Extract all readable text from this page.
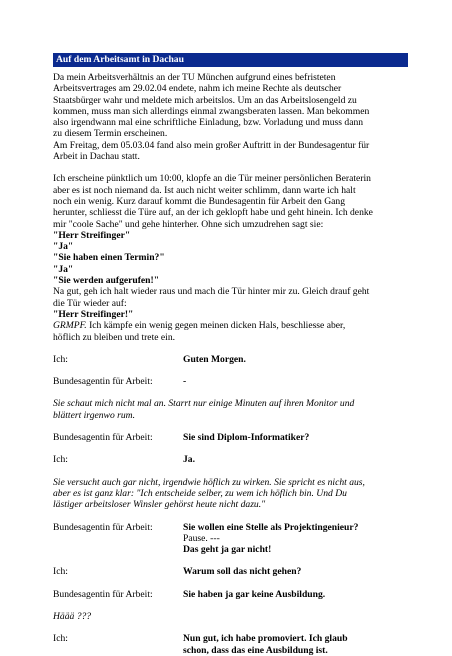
Auf dem Arbeitsamt in Dachau

Da mein Arbeitsverhältnis an der TU München aufgrund eines befristeten

Arbeitsvertrages am 29.02.04 endete, nahm ich meine Rechte als deutscher

Staatsbürger wahr und meldete mich arbeitslos. Um an das Arbeitslosengeld zu

kommen, muss man sich allerdings einmal zwangsberaten lassen. Man bekommen

also irgendwann mal eine schriftliche Einladung, bzw. Vorladung und muss dann

zu diesem Termin erscheinen.

Am Freitag, dem 05.03.04 fand also mein großer Auftritt in der Bundesagentur für

Arbeit in Dachau statt.

Ich erscheine pünktlich um 10:00, klopfe an die Tür meiner persönlichen Beraterin

aber es ist noch niemand da. Ist auch nicht weiter schlimm, dann warte ich halt

noch ein wenig. Kurz darauf kommt die Bundesagentin für Arbeit den Gang

herunter, schliesst die Türe auf, an der ich geklopft habe und geht hinein. Ich denke

mir "coole Sache" und gehe hinterher. Ohne sich umzudrehen sagt sie:

"Herr Streifinger"

"Ja"

"Sie haben einen Termin?"

"Ja"

"Sie werden aufgerufen!"

Na gut, geh ich halt wieder raus und mach die Tür hinter mir zu. Gleich drauf geht

die Tür wieder auf:

"Herr Streifinger!"

GRMPF. Ich kämpfe ein wenig gegen meinen dicken Hals, beschliesse aber,

höflich zu bleiben und trete ein.

Ich:	Guten Morgen.
Bundesagentin für Arbeit:	-

Sie schaut mich nicht mal an. Starrt nur einige Minuten auf ihren Monitor und

blättert irgenwo rum.

Bundesagentin für Arbeit:	Sie sind Diplom-Informatiker?
Ich:	Ja.

Sie versucht auch gar nicht, irgendwie höflich zu wirken. Sie spricht es nicht aus,

aber es ist ganz klar: "Ich entscheide selber, zu wem ich höflich bin. Und Du

lästiger arbeitsloser Winsler gehörst heute nicht dazu."

Bundesagentin für Arbeit:	Sie wollen eine Stelle als Projektingenieur?

Pause. ---

Das geht ja gar nicht!

Ich:	Warum soll das nicht gehen?
Bundesagentin für Arbeit:	Sie haben ja gar keine Ausbildung.

Häää ???

Ich:	Nun gut, ich habe promoviert. Ich glaub

schon, dass das eine Ausbildung ist.
